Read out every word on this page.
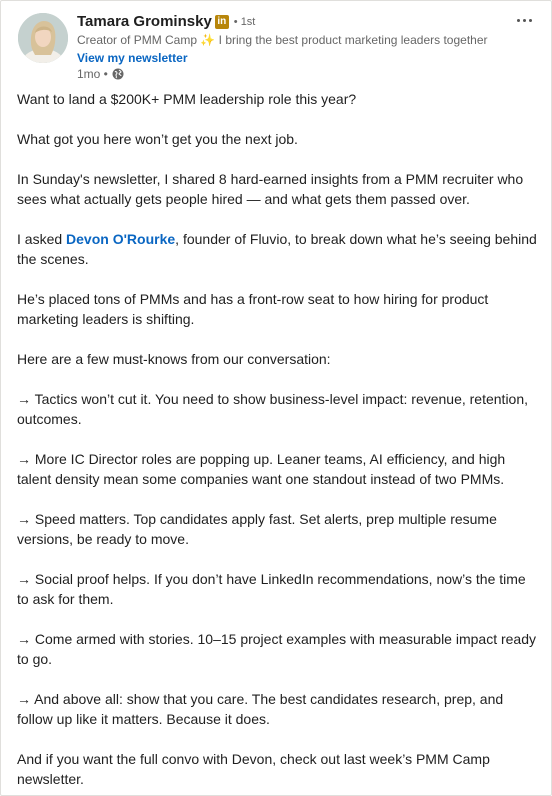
Tamara Grominsky in • 1st
Creator of PMM Camp ✨ I bring the best product marketing leaders together
View my newsletter
1mo •

Want to land a $200K+ PMM leadership role this year?

What got you here won’t get you the next job.

In Sunday's newsletter, I shared 8 hard-earned insights from a PMM recruiter who sees what actually gets people hired — and what gets them passed over.

I asked Devon O'Rourke, founder of Fluvio, to break down what he’s seeing behind the scenes.

He’s placed tons of PMMs and has a front-row seat to how hiring for product marketing leaders is shifting.

Here are a few must-knows from our conversation:

→ Tactics won’t cut it. You need to show business-level impact: revenue, retention, outcomes.

→ More IC Director roles are popping up. Leaner teams, AI efficiency, and high talent density mean some companies want one standout instead of two PMMs.

→ Speed matters. Top candidates apply fast. Set alerts, prep multiple resume versions, be ready to move.

→ Social proof helps. If you don’t have LinkedIn recommendations, now’s the time to ask for them.

→ Come armed with stories. 10–15 project examples with measurable impact ready to go.

→ And above all: show that you care. The best candidates research, prep, and follow up like it matters. Because it does.

And if you want the full convo with Devon, check out last week’s PMM Camp newsletter.
